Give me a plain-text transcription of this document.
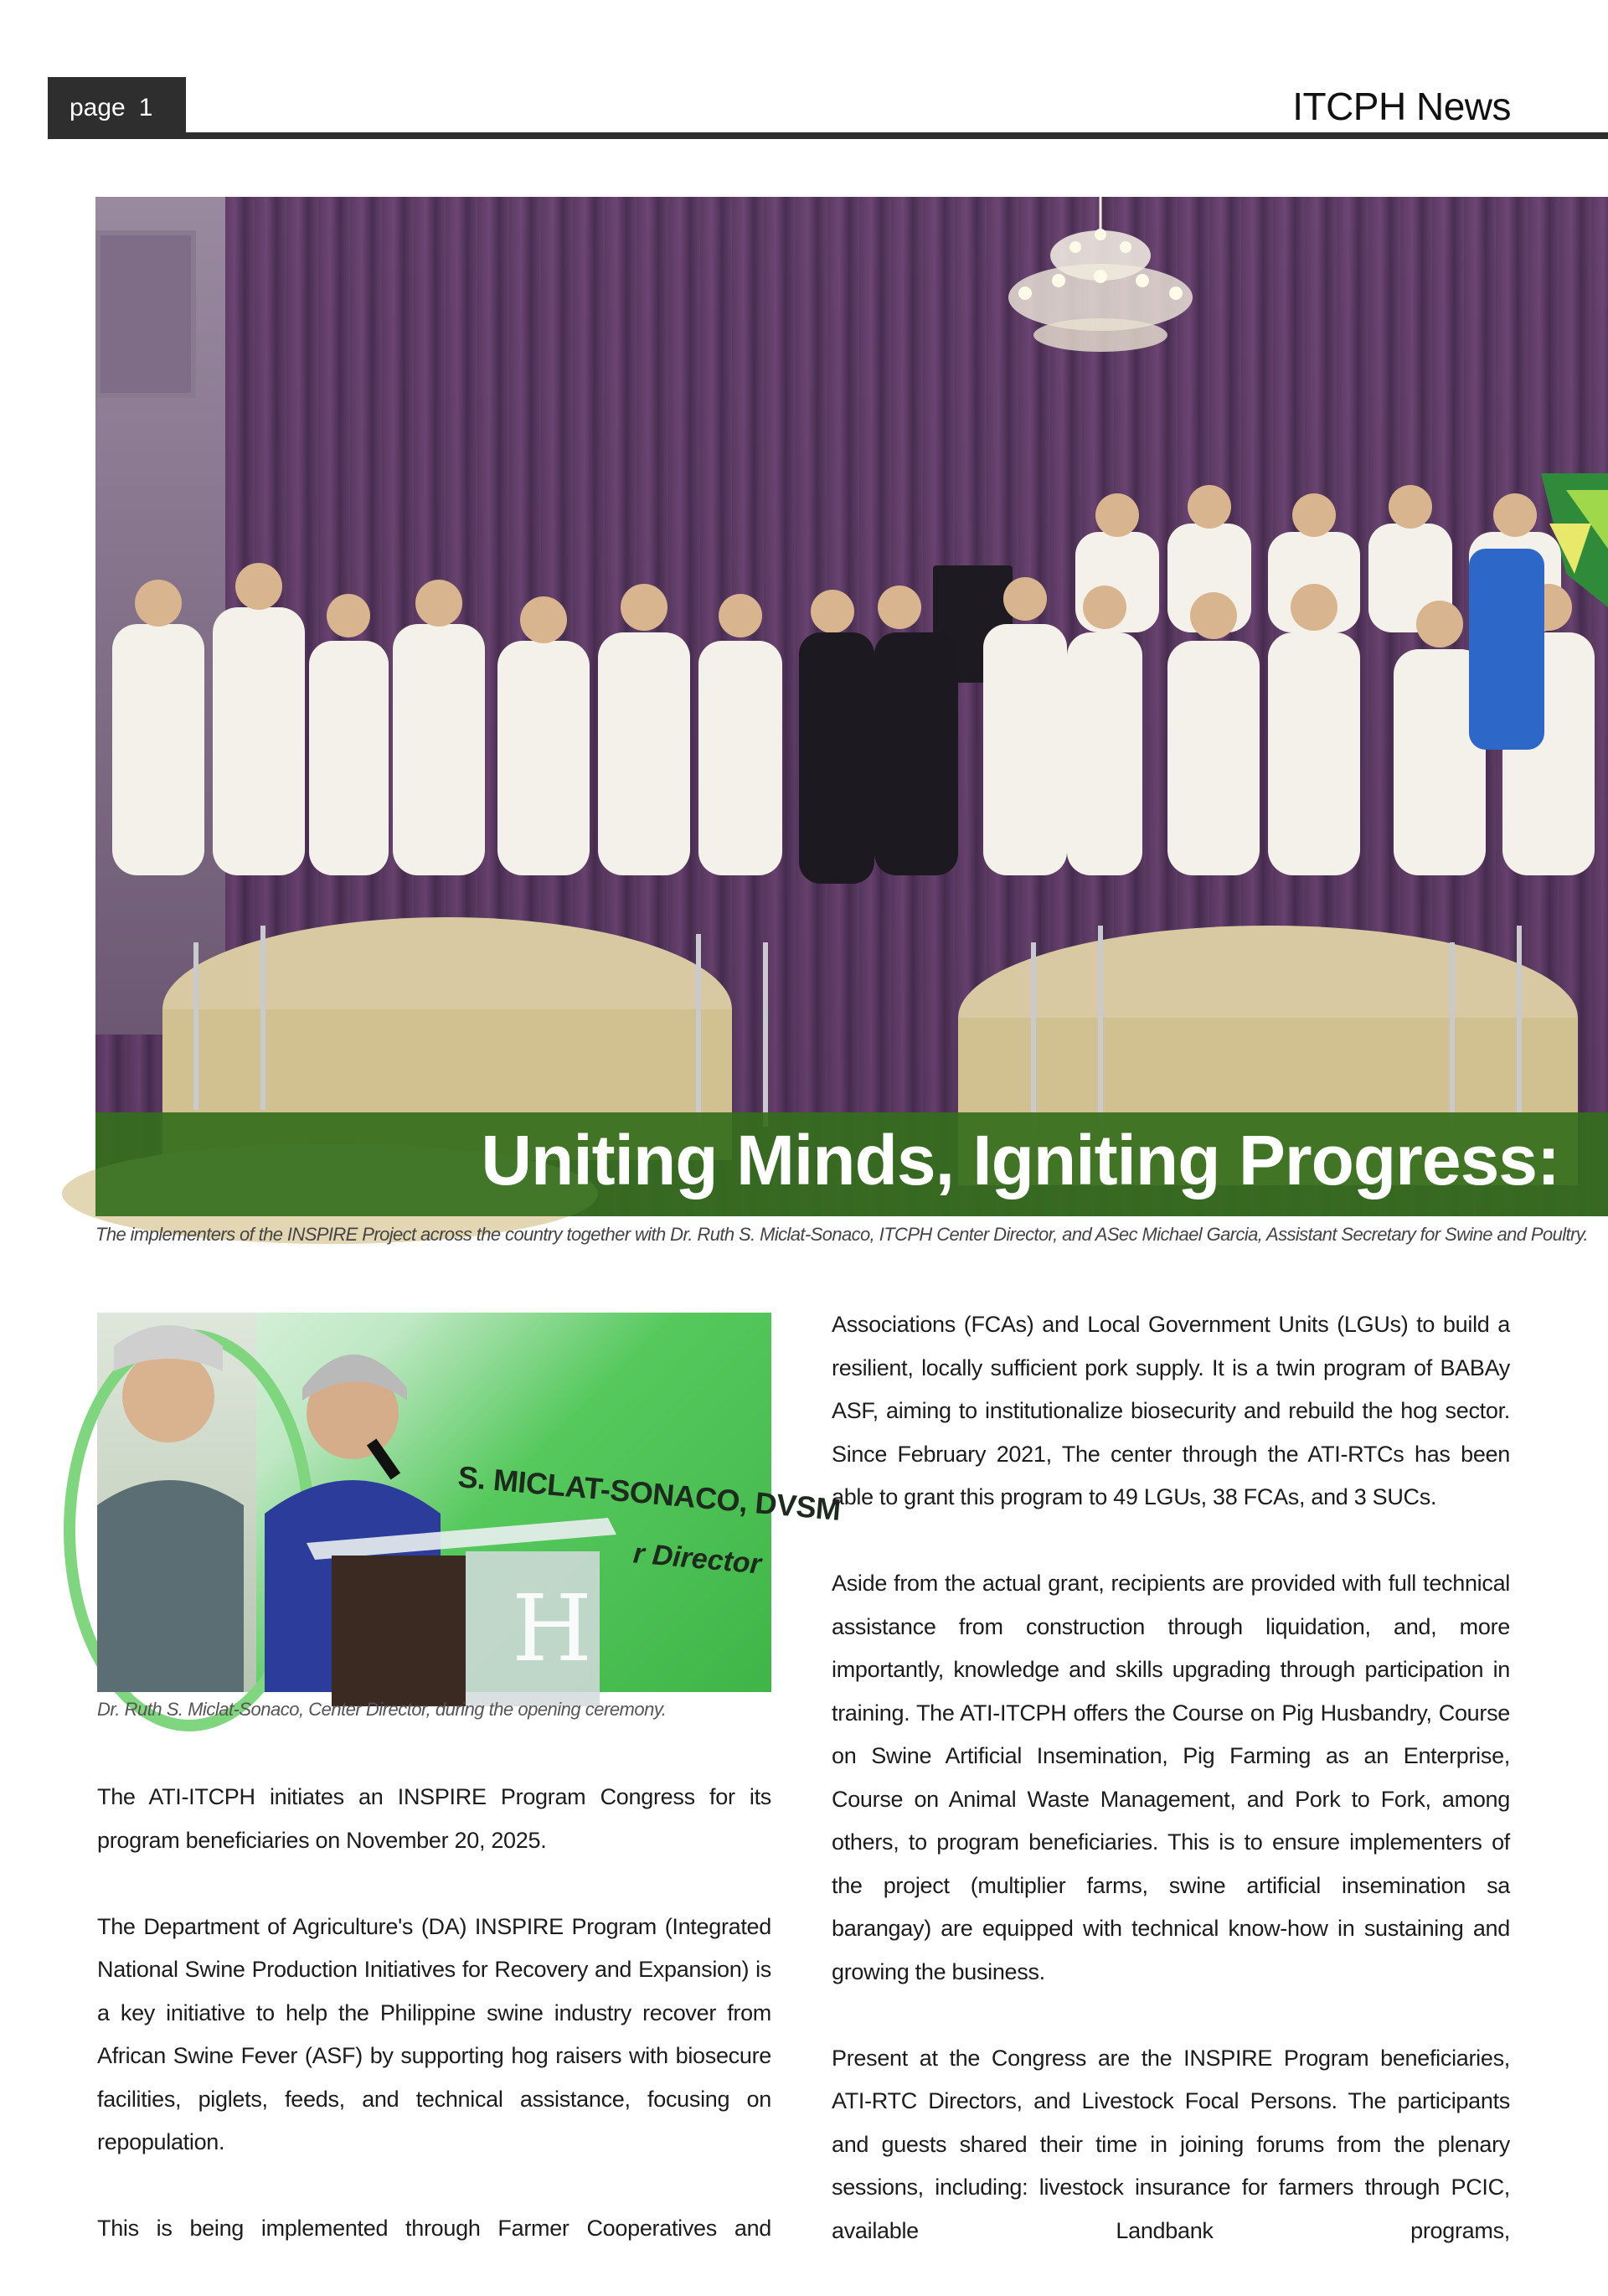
page 1	ITCPH News
Uniting Minds, Igniting Progress:
The implementers of the INSPIRE Project across the country together with Dr. Ruth S. Miclat-Sonaco, ITCPH Center Director, and ASec Michael Garcia, Assistant Secretary for Swine and Poultry.
S. MICLAT-SONACO, DVSM
r Director
H
Dr. Ruth S. Miclat-Sonaco, Center Director, during the opening ceremony.

The ATI-ITCPH initiates an INSPIRE Program Congress for its program beneficiaries on November 20, 2025.

The Department of Agriculture's (DA) INSPIRE Program (Integrated National Swine Production Initiatives for Recovery and Expansion) is a key initiative to help the Philippine swine industry recover from African Swine Fever (ASF) by supporting hog raisers with biosecure facilities, piglets, feeds, and technical assistance, focusing on repopulation.

This is being implemented through Farmer Cooperatives and

Associations (FCAs) and Local Government Units (LGUs) to build a resilient, locally sufficient pork supply. It is a twin program of BABAy ASF, aiming to institutionalize biosecurity and rebuild the hog sector. Since February 2021, The center through the ATI-RTCs has been able to grant this program to 49 LGUs, 38 FCAs, and 3 SUCs.

Aside from the actual grant, recipients are provided with full technical assistance from construction through liquidation, and, more importantly, knowledge and skills upgrading through participation in training. The ATI-ITCPH offers the Course on Pig Husbandry, Course on Swine Artificial Insemination, Pig Farming as an Enterprise, Course on Animal Waste Management, and Pork to Fork, among others, to program beneficiaries. This is to ensure implementers of the project (multiplier farms, swine artificial insemination sa barangay) are equipped with technical know-how in sustaining and growing the business.

Present at the Congress are the INSPIRE Program beneficiaries, ATI-RTC Directors, and Livestock Focal Persons. The participants and guests shared their time in joining forums from the plenary sessions, including: livestock insurance for farmers through PCIC, available Landbank programs,
